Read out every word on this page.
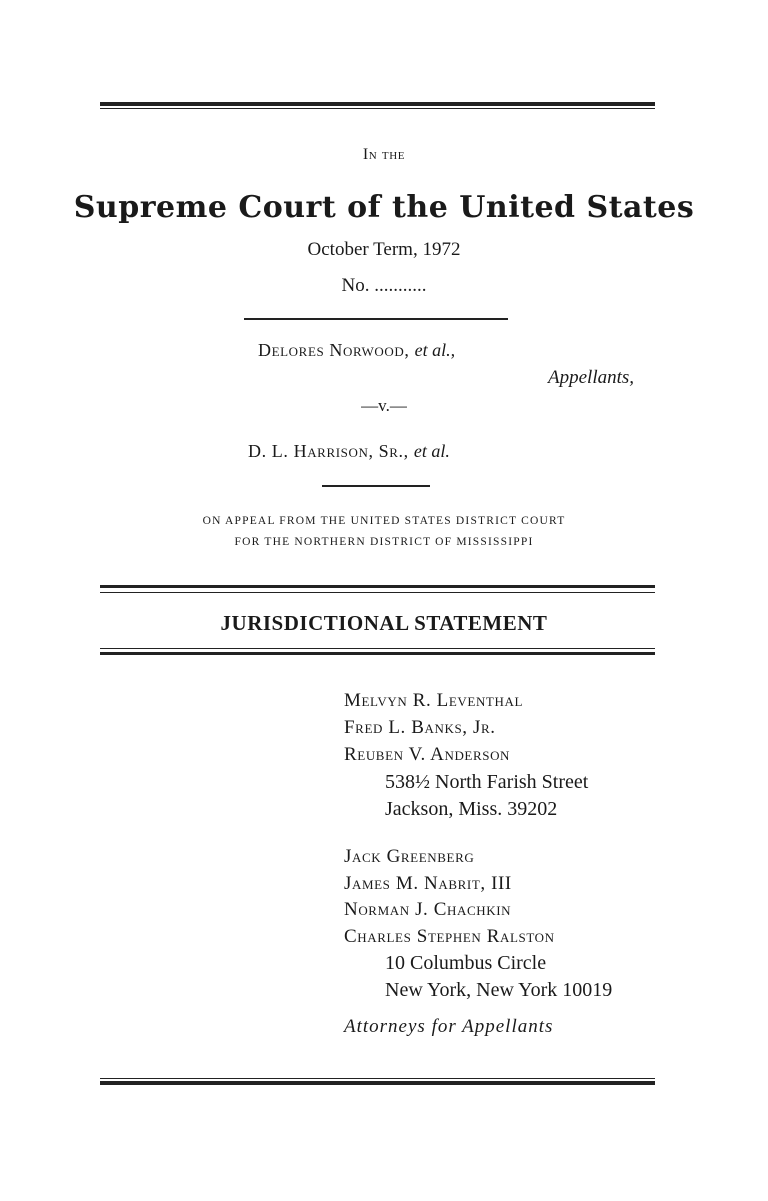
In the
Supreme Court of the United States
October Term, 1972
No. ...........
Delores Norwood, et al.,
Appellants,
—v.—
D. L. Harrison, Sr., et al.
ON APPEAL FROM THE UNITED STATES DISTRICT COURT
FOR THE NORTHERN DISTRICT OF MISSISSIPPI
JURISDICTIONAL STATEMENT
Melvyn R. Leventhal
Fred L. Banks, Jr.
Reuben V. Anderson
538½ North Farish Street
Jackson, Miss. 39202
Jack Greenberg
James M. Nabrit, III
Norman J. Chachkin
Charles Stephen Ralston
10 Columbus Circle
New York, New York 10019
Attorneys for Appellants
